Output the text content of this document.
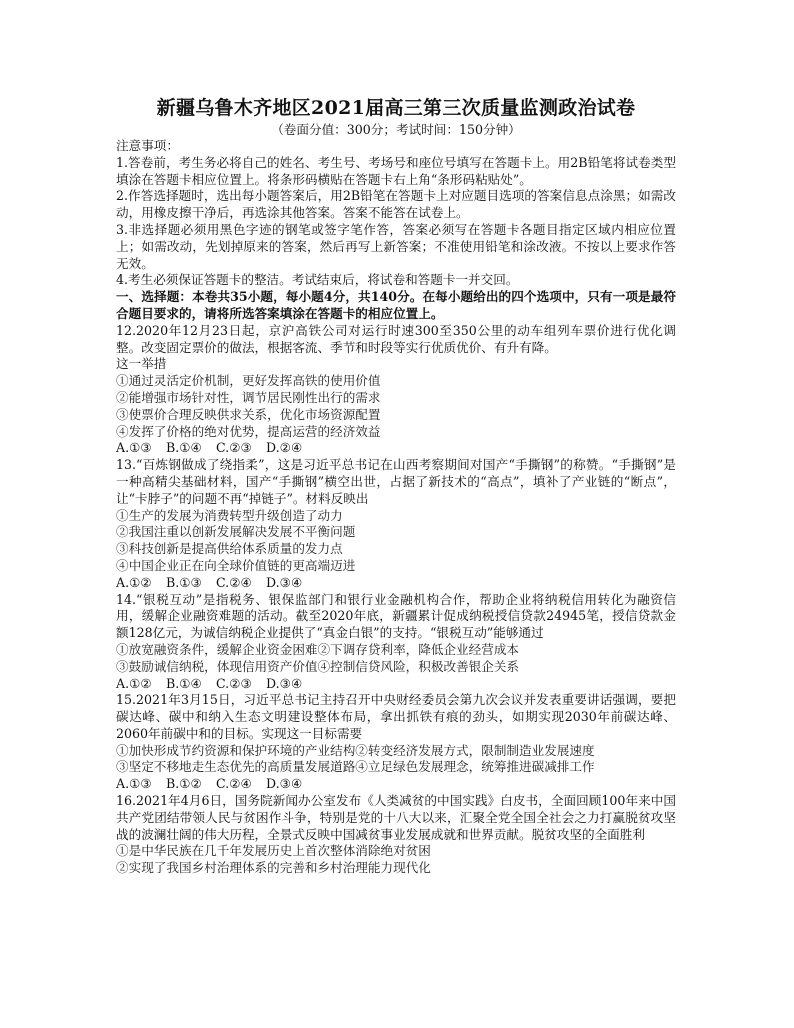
新疆乌鲁木齐地区2021届高三第三次质量监测政治试卷

（卷面分值：300分；考试时间：150分钟）

注意事项：

1.答卷前，考生务必将自己的姓名、考生号、考场号和座位号填写在答题卡上。用2B铅笔将试卷类型填涂在答题卡相应位置上。将条形码横贴在答题卡右上角“条形码粘贴处”。

2.作答选择题时，选出每小题答案后，用2B铅笔在答题卡上对应题目选项的答案信息点涂黑；如需改动，用橡皮擦干净后，再选涂其他答案。答案不能答在试卷上。

3.非选择题必须用黑色字迹的钢笔或签字笔作答，答案必须写在答题卡各题目指定区域内相应位置上；如需改动，先划掉原来的答案，然后再写上新答案；不准使用铅笔和涂改液。不按以上要求作答无效。

4.考生必须保证答题卡的整洁。考试结束后，将试卷和答题卡一并交回。

一、选择题：本卷共35小题，每小题4分，共140分。在每小题给出的四个选项中，只有一项是最符合题目要求的，请将所选答案填涂在答题卡的相应位置上。

12.2020年12月23日起，京沪高铁公司对运行时速300至350公里的动车组列车票价进行优化调整。改变固定票价的做法，根据客流、季节和时段等实行优质优价、有升有降。

这一举措

①通过灵活定价机制，更好发挥高铁的使用价值

②能增强市场针对性，调节居民刚性出行的需求

③使票价合理反映供求关系，优化市场资源配置

④发挥了价格的绝对优势，提高运营的经济效益

A.①③	B.①④	C.②③	D.②④

13.“百炼钢做成了绕指柔”，这是习近平总书记在山西考察期间对国产“手撕钢”的称赞。“手撕钢”是一种高精尖基础材料，国产“手撕钢”横空出世，占据了新技术的“高点”，填补了产业链的“断点”，让“卡脖子”的问题不再“掉链子”。材料反映出

①生产的发展为消费转型升级创造了动力

②我国注重以创新发展解决发展不平衡问题

③科技创新是提高供给体系质量的发力点

④中国企业正在向全球价值链的更高端迈进

A.①②	B.①③	C.②④	D.③④

14.“银税互动”是指税务、银保监部门和银行业金融机构合作，帮助企业将纳税信用转化为融资信用，缓解企业融资难题的活动。截至2020年底，新疆累计促成纳税授信贷款24945笔，授信贷款金额128亿元，为诚信纳税企业提供了“真金白银”的支持。“银税互动”能够通过

①放宽融资条件，缓解企业资金困难②下调存贷利率，降低企业经营成本

③鼓励诚信纳税，体现信用资产价值④控制信贷风险，积极改善银企关系

A.①②	B.①④	C.②③	D.③④

15.2021年3月15日，习近平总书记主持召开中央财经委员会第九次会议并发表重要讲话强调，要把碳达峰、碳中和纳入生态文明建设整体布局，拿出抓铁有痕的劲头，如期实现2030年前碳达峰、2060年前碳中和的目标。实现这一目标需要

①加快形成节约资源和保护环境的产业结构②转变经济发展方式，限制制造业发展速度

③坚定不移地走生态优先的高质量发展道路④立足绿色发展理念，统筹推进碳减排工作

A.①③	B.①②	C.②④	D.③④

16.2021年4月6日，国务院新闻办公室发布《人类减贫的中国实践》白皮书，全面回顾100年来中国共产党团结带领人民与贫困作斗争，特别是党的十八大以来，汇聚全党全国全社会之力打赢脱贫攻坚战的波澜壮阔的伟大历程，全景式反映中国减贫事业发展成就和世界贡献。脱贫攻坚的全面胜利

①是中华民族在几千年发展历史上首次整体消除绝对贫困

②实现了我国乡村治理体系的完善和乡村治理能力现代化
